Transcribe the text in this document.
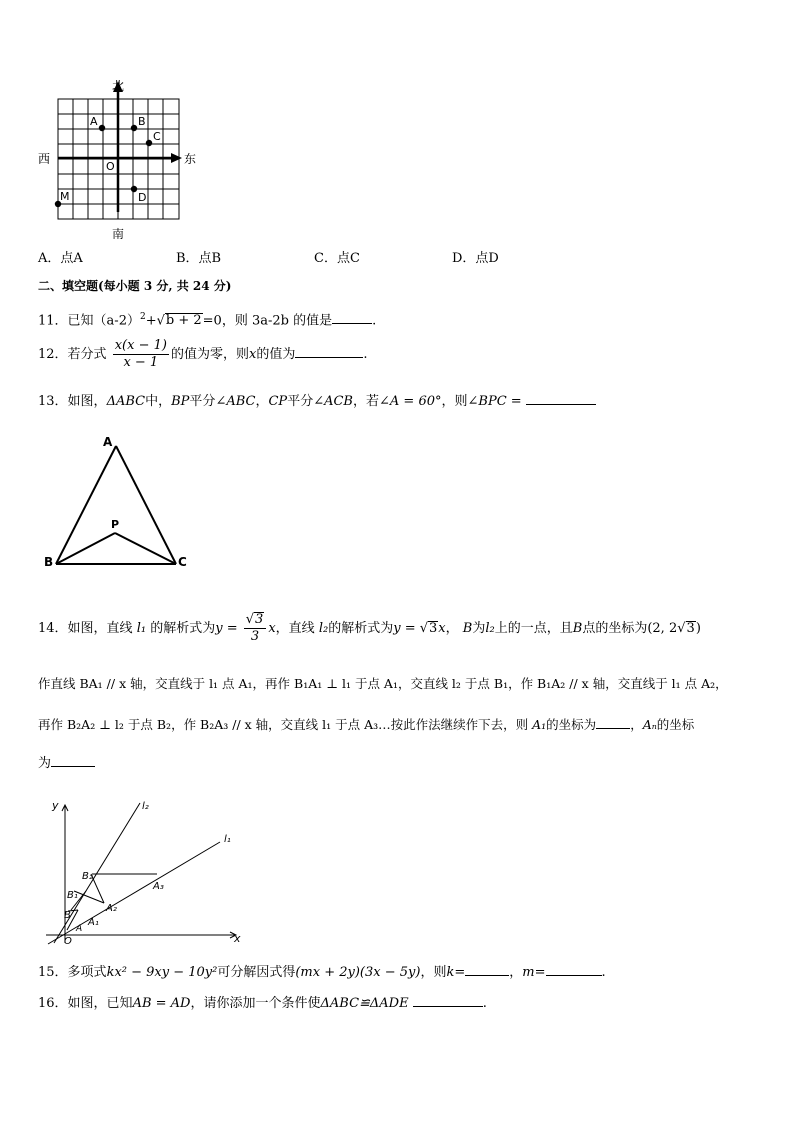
北
南
西	东
A	B
C
D
M
O
A．点A	B．点B	C．点C	D．点D
二、填空题(每小题 3 分, 共 24 分)
11．已知$(a-2)^2+√b + 2=0$，则 3a-2b 的值是	.
12．若分式 $\frac{x(x - 1)}{x - 1}$ 的值为零，则x的值为	.
13．如图，ΔABC中，BP平分∠ABC，CP平分∠ACB，若∠A = 60°，则∠BPC =
A
B	C
P
14．如图，直线 l₁ 的解析式为$y = \frac{√3}{3}$ x，直线 l₂的解析式为y = √3x， B为l₂上的一点，且B点的坐标为(2, 2√3)
作直线 BA₁ // x 轴，交直线于 l₁ 点 A₁，再作 B₁A₁ ⊥ l₁ 于点 A₁，交直线 l₂ 于点 B₁，作 B₁A₂ // x 轴，交直线于 l₁ 点 A₂，
再作 B₂A₂ ⊥ l₂ 于点 B₂，作 B₂A₃ // x 轴，交直线 l₁ 于点 A₃…按此作法继续作下去，则 A₁的坐标为	，Aₙ的坐标
为
y
x
O
l₂
l₁
B
B₁
B₂
A
A₁
A₂
A₃
15．多项式kx² − 9xy − 10y²可分解因式得(mx + 2y)(3x − 5y)，则k=	，m=	.
16．如图，已知AB = AD，请你添加一个条件使ΔABC≌ΔADE	.
